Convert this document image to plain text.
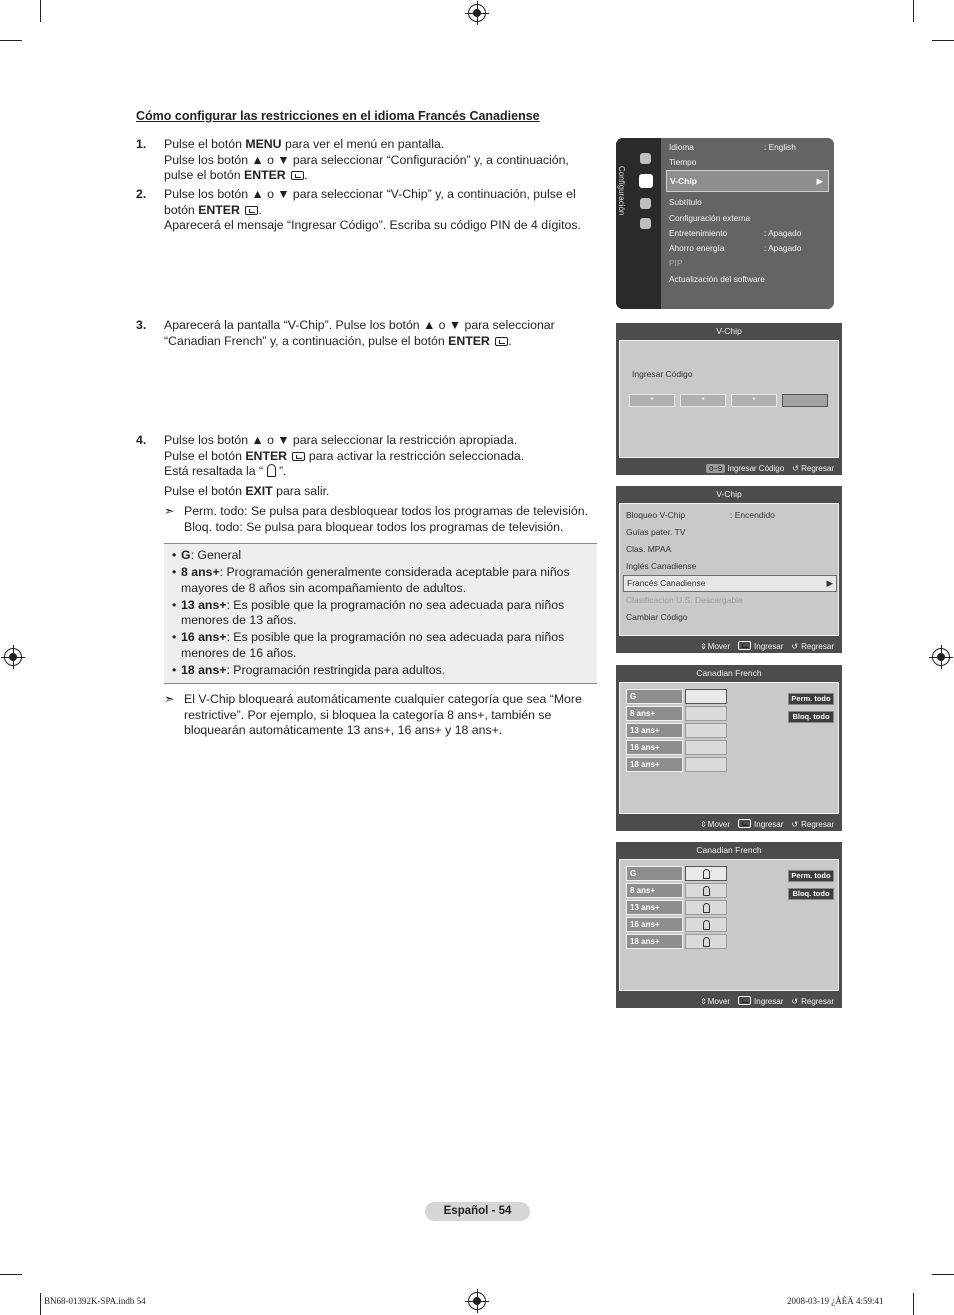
Cómo configurar las restricciones en el idioma Francés Canadiense
1. Pulse el botón MENU para ver el menú en pantalla.

Pulse los botón ▲ o ▼ para seleccionar “Configuración” y, a continuación,

pulse el botón ENTER .

2. Pulse los botón ▲ o ▼ para seleccionar “V-Chip” y, a continuación, pulse el

botón ENTER .

Aparecerá el mensaje “Ingresar Código”. Escriba su código PIN de 4 dígitos.

3. Aparecerá la pantalla “V-Chip”. Pulse los botón ▲ o ▼ para seleccionar

“Canadian French” y, a continuación, pulse el botón ENTER .

4. Pulse los botón ▲ o ▼ para seleccionar la restricción apropiada.

Pulse el botón ENTER  para activar la restricción seleccionada.

Está resaltada la “  ”.

Pulse el botón EXIT para salir.

➣ Perm. todo: Se pulsa para desbloquear todos los programas de televisión.

Bloq. todo: Se pulsa para bloquear todos los programas de televisión.

• G: General
• 8 ans+: Programación generalmente considerada aceptable para niños mayores de 8 años sin acompañamiento de adultos.
• 13 ans+: Es posible que la programación no sea adecuada para niños menores de 13 años.
• 16 ans+: Es posible que la programación no sea adecuada para niños menores de 16 años.
• 18 ans+: Programación restringida para adultos.
➣ El V-Chip bloqueará automáticamente cualquier categoría que sea “More restrictive”. Por ejemplo, si bloquea la categoría 8 ans+, también se bloquearán automáticamente 13 ans+, 16 ans+ y 18 ans+.
Configuración
Idioma	: English
Tiempo
V-Chip	▶
Subtítulo
Configuración externa
Entretenimiento	: Apagado
Ahorro energía	: Apagado
PIP
Actualización del software
V-Chip
Ingresar Código
*	*	*
0~9 Ingresar Código ↺ Regresar
V-Chip
Bloqueo V-Chip	: Encendido
Guías pater. TV
Clas. MPAA
Inglés Canadiense
Francés Canadiense	▶
Clasificacion U.S. Descargable
Cambiar Código
⇕Mover	Ingresar ↺ Regresar
Canadian French
G
8 ans+
13 ans+
16 ans+
18 ans+
Perm. todo
Bloq. todo
⇕Mover	Ingresar ↺ Regresar
Canadian French
G
8 ans+
13 ans+
16 ans+
18 ans+
Perm. todo
Bloq. todo
⇕Mover	Ingresar ↺ Regresar
Español - 54
BN68-01392K-SPA.indb 54	2008-03-19 ¿ÀÈÄ 4:59:41
